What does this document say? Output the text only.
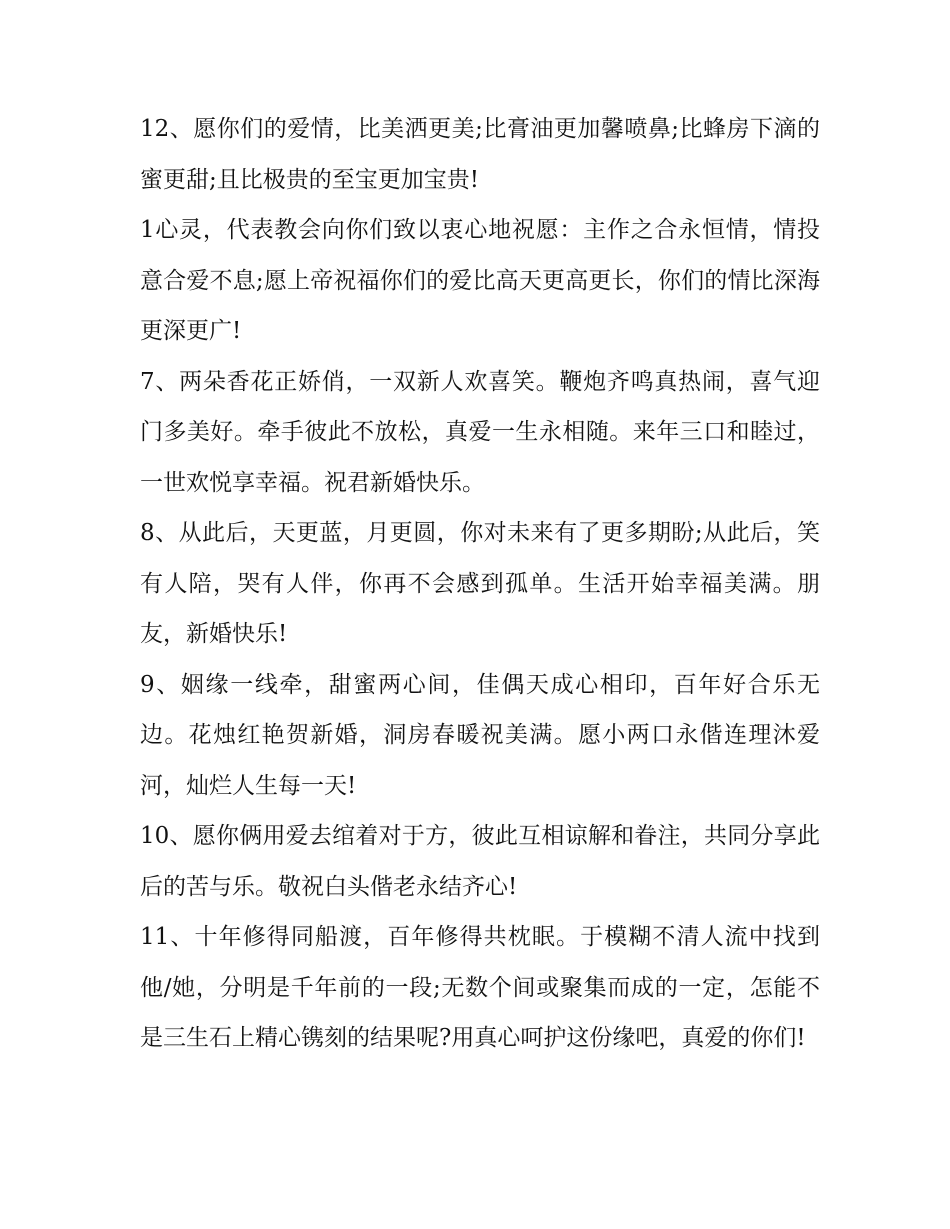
12、愿你们的爱情，比美洒更美;比膏油更加馨喷鼻;比蜂房下滴的蜜更甜;且比极贵的至宝更加宝贵!

1心灵，代表教会向你们致以衷心地祝愿：主作之合永恒情，情投意合爱不息;愿上帝祝福你们的爱比高天更高更长，你们的情比深海更深更广!

7、两朵香花正娇俏，一双新人欢喜笑。鞭炮齐鸣真热闹，喜气迎门多美好。牵手彼此不放松，真爱一生永相随。来年三口和睦过，一世欢悦享幸福。祝君新婚快乐。

8、从此后，天更蓝，月更圆，你对未来有了更多期盼;从此后，笑有人陪，哭有人伴，你再不会感到孤单。生活开始幸福美满。朋友，新婚快乐!

9、姻缘一线牵，甜蜜两心间，佳偶天成心相印，百年好合乐无边。花烛红艳贺新婚，洞房春暖祝美满。愿小两口永偕连理沐爱河，灿烂人生每一天!

10、愿你俩用爱去绾着对于方，彼此互相谅解和眷注，共同分享此后的苦与乐。敬祝白头偕老永结齐心!

11、十年修得同船渡，百年修得共枕眠。于模糊不清人流中找到他/她，分明是千年前的一段;无数个间或聚集而成的一定，怎能不是三生石上精心镌刻的结果呢?用真心呵护这份缘吧，真爱的你们!
